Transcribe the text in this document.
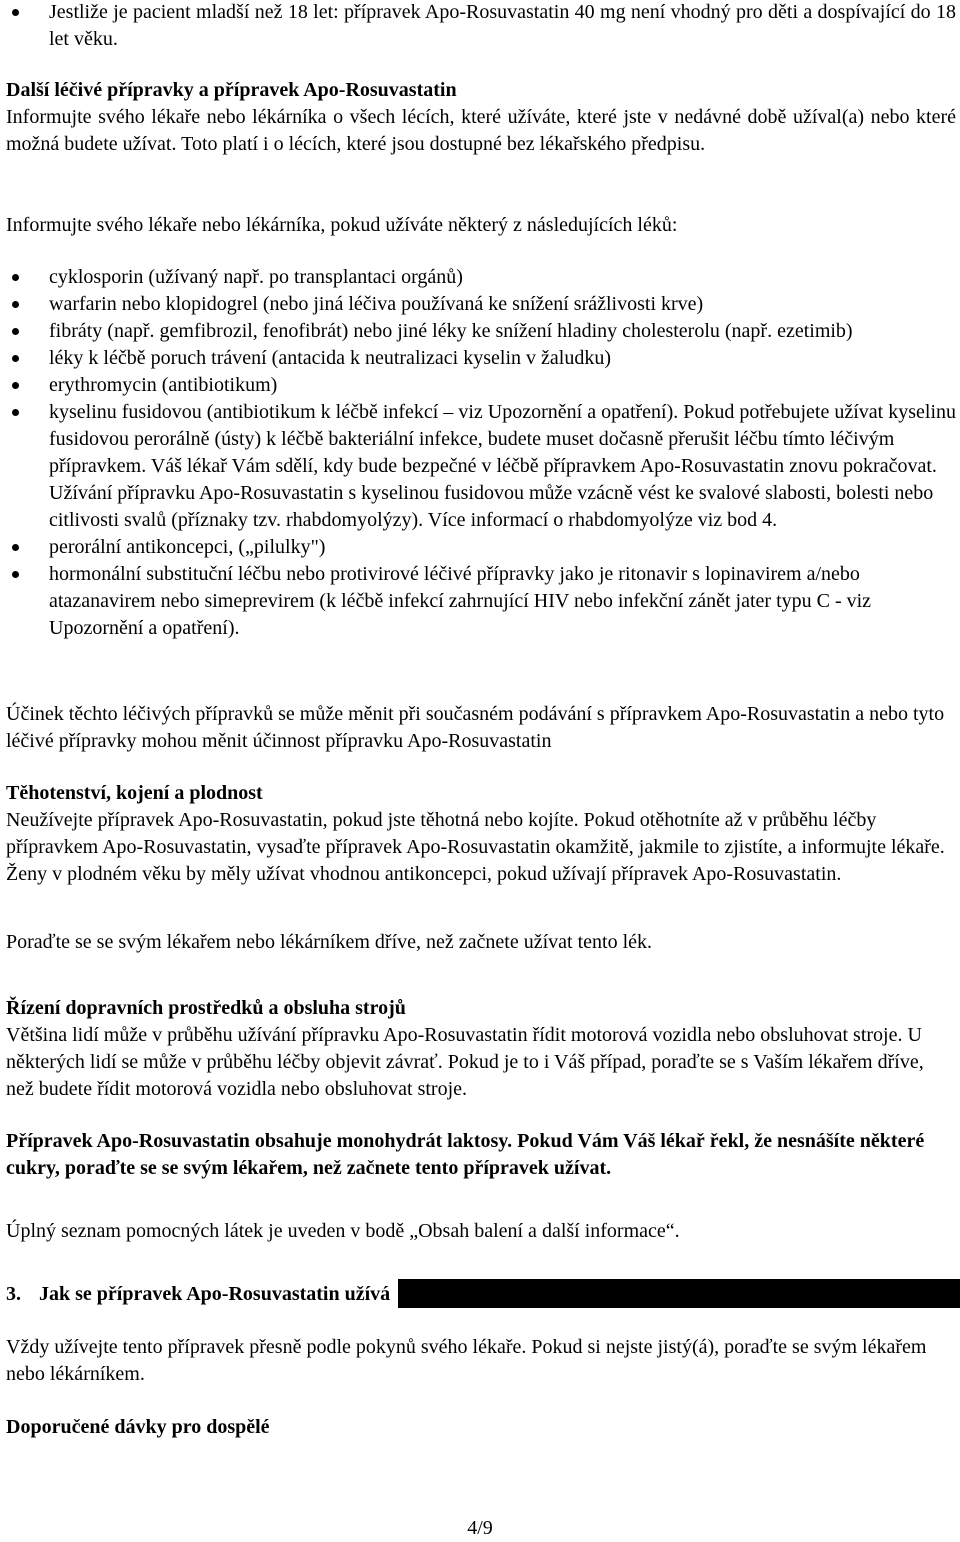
Jestliže je pacient mladší než 18 let: přípravek Apo-Rosuvastatin 40 mg není vhodný pro děti a dospívající do 18 let věku.

Další léčivé přípravky a přípravek Apo-Rosuvastatin

Informujte svého lékaře nebo lékárníka o všech lécích, které užíváte, které jste v nedávné době užíval(a) nebo které možná budete užívat. Toto platí i o lécích, které jsou dostupné bez lékařského předpisu.

Informujte svého lékaře nebo lékárníka, pokud užíváte některý z následujících léků:

cyklosporin (užívaný např. po transplantaci orgánů)
warfarin nebo klopidogrel (nebo jiná léčiva používaná ke snížení srážlivosti krve)
fibráty (např. gemfibrozil, fenofibrát) nebo jiné léky ke snížení hladiny cholesterolu (např. ezetimib)
léky k léčbě poruch trávení (antacida k neutralizaci kyselin v žaludku)
erythromycin (antibiotikum)
kyselinu fusidovou (antibiotikum k léčbě infekcí – viz Upozornění a opatření). Pokud potřebujete užívat kyselinu fusidovou perorálně (ústy) k léčbě bakteriální infekce, budete muset dočasně přerušit léčbu tímto léčivým přípravkem. Váš lékař Vám sdělí, kdy bude bezpečné v léčbě přípravkem Apo-Rosuvastatin znovu pokračovat. Užívání přípravku Apo-Rosuvastatin s kyselinou fusidovou může vzácně vést ke svalové slabosti, bolesti nebo citlivosti svalů (příznaky tzv. rhabdomyolýzy). Více informací o rhabdomyolýze viz bod 4.
perorální antikoncepci, („pilulky")
hormonální substituční léčbu nebo protivirové léčivé přípravky jako je ritonavir s lopinavirem a/nebo atazanavirem nebo simeprevirem (k léčbě infekcí zahrnující HIV nebo infekční zánět jater typu C - viz Upozornění a opatření).

Účinek těchto léčivých přípravků se může měnit při současném podávání s přípravkem Apo-Rosuvastatin a nebo tyto léčivé přípravky mohou měnit účinnost přípravku Apo-Rosuvastatin

Těhotenství, kojení a plodnost

Neužívejte přípravek Apo-Rosuvastatin, pokud jste těhotná nebo kojíte. Pokud otěhotníte až v průběhu léčby přípravkem Apo-Rosuvastatin, vysaďte přípravek Apo-Rosuvastatin okamžitě, jakmile to zjistíte, a informujte lékaře. Ženy v plodném věku by měly užívat vhodnou antikoncepci, pokud užívají přípravek Apo-Rosuvastatin.

Poraďte se se svým lékařem nebo lékárníkem dříve, než začnete užívat tento lék.

Řízení dopravních prostředků a obsluha strojů

Většina lidí může v průběhu užívání přípravku Apo-Rosuvastatin řídit motorová vozidla nebo obsluhovat stroje. U některých lidí se může v průběhu léčby objevit závrať. Pokud je to i Váš případ, poraďte se s Vaším lékařem dříve, než budete řídit motorová vozidla nebo obsluhovat stroje.

Přípravek Apo-Rosuvastatin obsahuje monohydrát laktosy. Pokud Vám Váš lékař řekl, že nesnášíte některé cukry, poraďte se se svým lékařem, než začnete tento přípravek užívat.

Úplný seznam pomocných látek je uveden v bodě „Obsah balení a další informace“.

3. Jak se přípravek Apo-Rosuvastatin užívá

Vždy užívejte tento přípravek přesně podle pokynů svého lékaře. Pokud si nejste jistý(á), poraďte se svým lékařem nebo lékárníkem.

Doporučené dávky pro dospělé

4/9
